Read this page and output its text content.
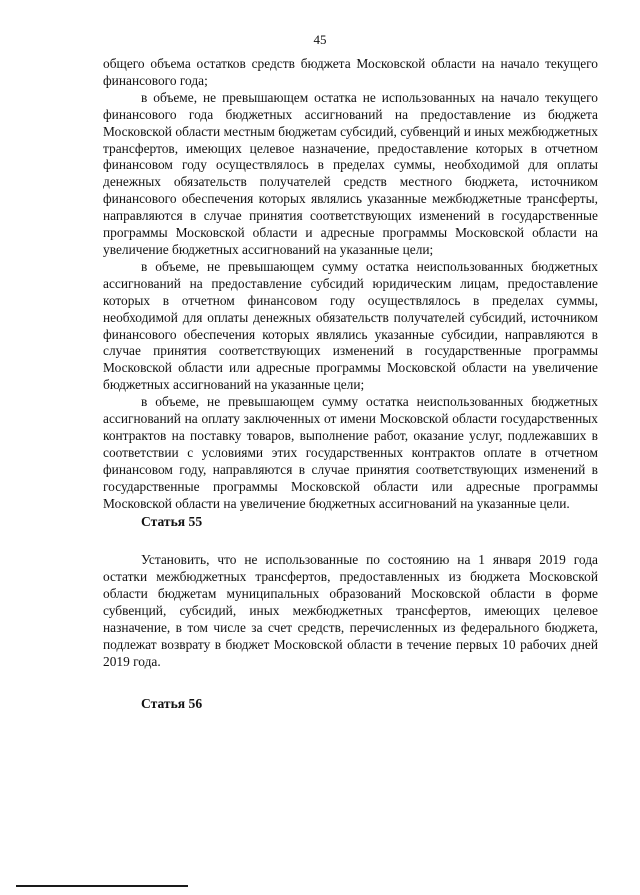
45

общего объема остатков средств бюджета Московской области на начало текущего финансового года;

в объеме, не превышающем остатка не использованных на начало текущего финансового года бюджетных ассигнований на предоставление из бюджета Московской области местным бюджетам субсидий, субвенций и иных межбюджетных трансфертов, имеющих целевое назначение, предоставление которых в отчетном финансовом году осуществлялось в пределах суммы, необходимой для оплаты денежных обязательств получателей средств местного бюджета, источником финансового обеспечения которых являлись указанные межбюджетные трансферты, направляются в случае принятия соответствующих изменений в государственные программы Московской области и адресные программы Московской области на увеличение бюджетных ассигнований на указанные цели;

в объеме, не превышающем сумму остатка неиспользованных бюджетных ассигнований на предоставление субсидий юридическим лицам, предоставление которых в отчетном финансовом году осуществлялось в пределах суммы, необходимой для оплаты денежных обязательств получателей субсидий, источником финансового обеспечения которых являлись указанные субсидии, направляются в случае принятия соответствующих изменений в государственные программы Московской области или адресные программы Московской области на увеличение бюджетных ассигнований на указанные цели;

в объеме, не превышающем сумму остатка неиспользованных бюджетных ассигнований на оплату заключенных от имени Московской области государственных контрактов на поставку товаров, выполнение работ, оказание услуг, подлежавших в соответствии с условиями этих государственных контрактов оплате в отчетном финансовом году, направляются в случае принятия соответствующих изменений в государственные программы Московской области или адресные программы Московской области на увеличение бюджетных ассигнований на указанные цели.

Статья 55

Установить, что не использованные по состоянию на 1 января 2019 года остатки межбюджетных трансфертов, предоставленных из бюджета Московской области бюджетам муниципальных образований Московской области в форме субвенций, субсидий, иных межбюджетных трансфертов, имеющих целевое назначение, в том числе за счет средств, перечисленных из федерального бюджета, подлежат возврату в бюджет Московской области в течение первых 10 рабочих дней 2019 года.

Статья 56
